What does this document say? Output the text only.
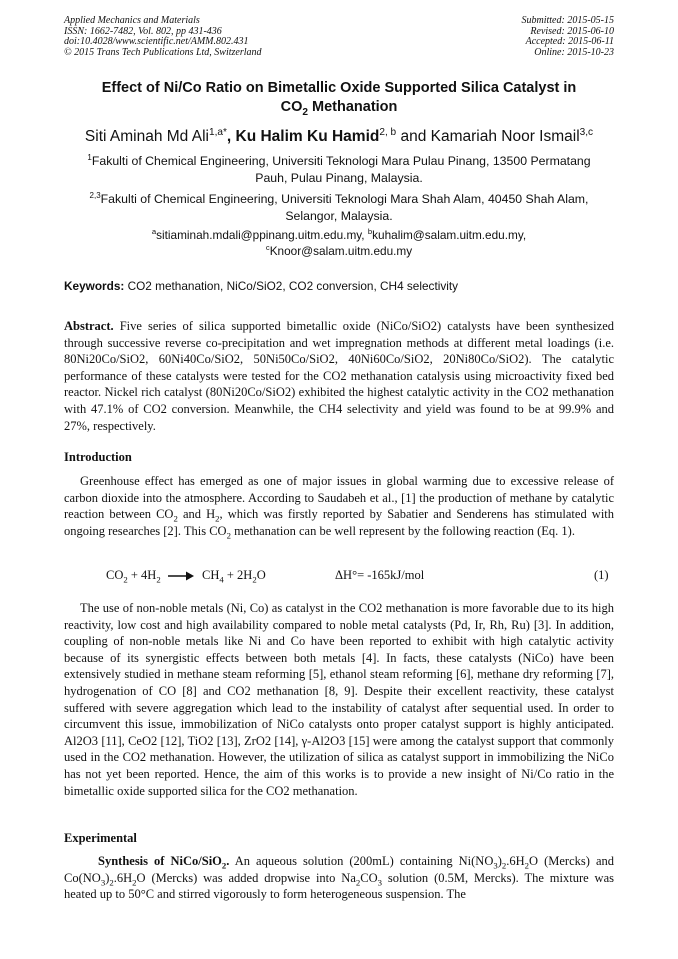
Applied Mechanics and Materials
ISSN: 1662-7482, Vol. 802, pp 431-436
doi:10.4028/www.scientific.net/AMM.802.431
© 2015 Trans Tech Publications Ltd, Switzerland
Submitted: 2015-05-15
Revised: 2015-06-10
Accepted: 2015-06-11
Online: 2015-10-23
Effect of Ni/Co Ratio on Bimetallic Oxide Supported Silica Catalyst in
$CO_2$ Methanation
Siti Aminah Md Ali$^{1,a*}$, Ku Halim Ku Hamid$^{2, b}$ and Kamariah Noor Ismail$^{3,c}$
$^1$Fakulti of Chemical Engineering, Universiti Teknologi Mara Pulau Pinang, 13500 Permatang Pauh, Pulau Pinang, Malaysia.
$^{2,3}$Fakulti of Chemical Engineering, Universiti Teknologi Mara Shah Alam, 40450 Shah Alam, Selangor, Malaysia.
$^a$sitiaminah.mdali@ppinang.uitm.edu.my, $^b$kuhalim@salam.uitm.edu.my,
$^c$Knoor@salam.uitm.edu.my
Keywords: CO2 methanation, NiCo/SiO2, CO2 conversion, CH4 selectivity
Abstract. Five series of silica supported bimetallic oxide (NiCo/SiO2) catalysts have been synthesized through successive reverse co-precipitation and wet impregnation methods at different metal loadings (i.e. 80Ni20Co/SiO2, 60Ni40Co/SiO2, 50Ni50Co/SiO2, 40Ni60Co/SiO2, 20Ni80Co/SiO2). The catalytic performance of these catalysts were tested for the CO2 methanation catalysis using microactivity fixed bed reactor. Nickel rich catalyst (80Ni20Co/SiO2) exhibited the highest catalytic activity in the CO2 methanation with 47.1% of CO2 conversion. Meanwhile, the CH4 selectivity and yield was found to be at 99.9% and 27%, respectively.
Introduction
Greenhouse effect has emerged as one of major issues in global warming due to excessive release of carbon dioxide into the atmosphere. According to Saudabeh et al., [1] the production of methane by catalytic reaction between $CO_2$ and $H_2$, which was firstly reported by Sabatier and Senderens has stimulated with ongoing researches [2]. This $CO_2$ methanation can be well represent by the following reaction (Eq. 1).
$CO_2 + 4H_2 \to CH_4 + 2H_2O$	ΔH°= -165kJ/mol	(1)
The use of non-noble metals (Ni, Co) as catalyst in the CO2 methanation is more favorable due to its high reactivity, low cost and high availability compared to noble metal catalysts (Pd, Ir, Rh, Ru) [3]. In addition, coupling of non-noble metals like Ni and Co have been reported to exhibit with high catalytic activity because of its synergistic effects between both metals [4]. In facts, these catalysts (NiCo) have been extensively studied in methane steam reforming [5], ethanol steam reforming [6], methane dry reforming [7], hydrogenation of CO [8] and CO2 methanation [8, 9]. Despite their excellent reactivity, these catalyst suffered with severe aggregation which lead to the instability of catalyst after sequential used. In order to circumvent this issue, immobilization of NiCo catalysts onto proper catalyst support is highly anticipated. Al2O3 [11], CeO2 [12], TiO2 [13], ZrO2 [14], γ-Al2O3 [15] were among the catalyst support that commonly used in the CO2 methanation. However, the utilization of silica as catalyst support in immobilizing the NiCo has not yet been reported. Hence, the aim of this works is to provide a new insight of Ni/Co ratio in the bimetallic oxide supported silica for the CO2 methanation.
Experimental
Synthesis of NiCo/SiO$_2$. An aqueous solution (200mL) containing $Ni(NO_3)_2.6H_2O$ (Mercks) and $Co(NO_3)_2.6H_2O$ (Mercks) was added dropwise into $Na_2CO_3$ solution (0.5M, Mercks). The mixture was heated up to 50°C and stirred vigorously to form heterogeneous suspension. The
